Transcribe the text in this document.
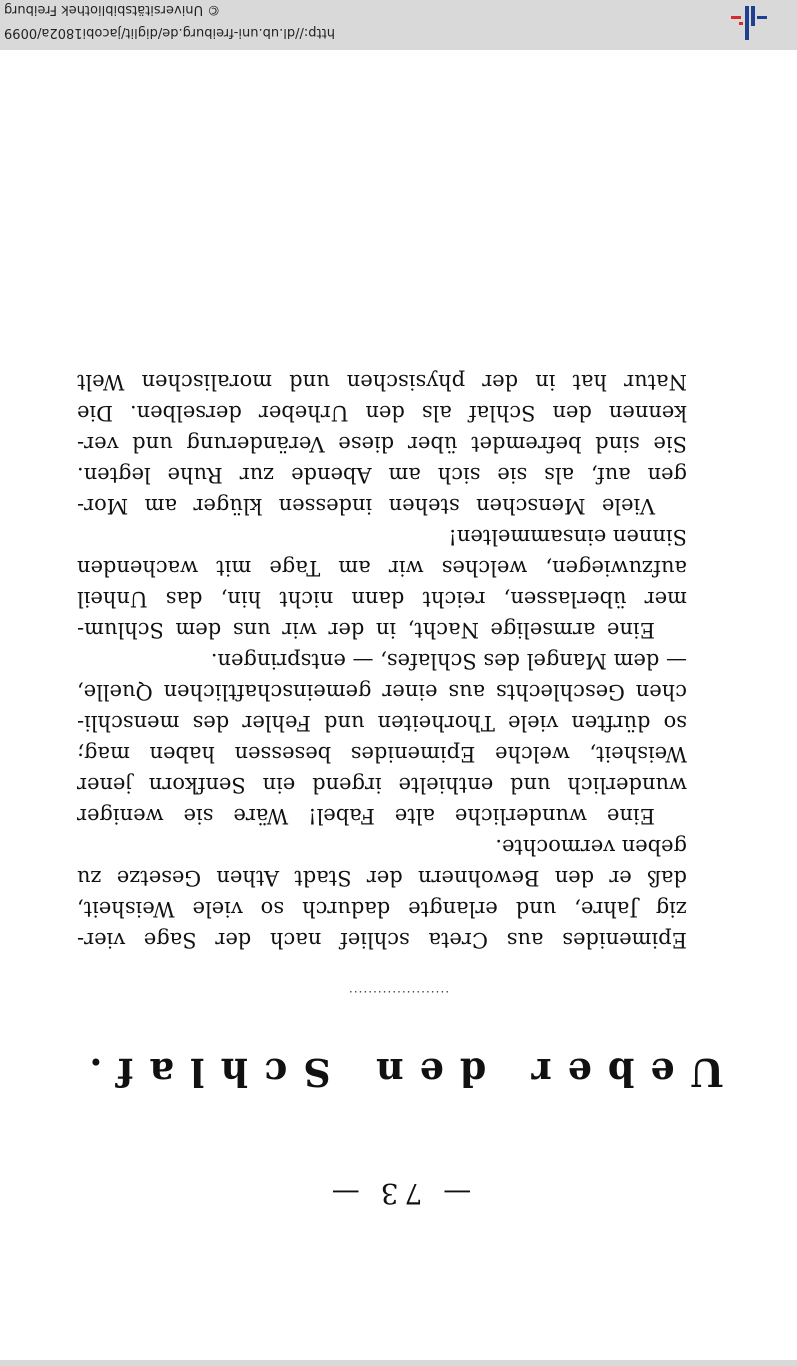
© Universitätsbibliothek Freiburg
http://dl.ub.uni-freiburg.de/diglit/jacobi1802a/0099
— 73 —
Ueber den Schlaf.
.....................
Epimenides aus Creta schlief nach der Sage vier-
zig Jahre, und erlangte dadurch so viele Weisheit,
daß er den Bewohnern der Stadt Athen Gesetze zu
geben vermochte.
Eine wunderliche alte Fabel! Wäre sie weniger
wunderlich und enthielte irgend ein Senfkorn jener
Weisheit, welche Epimenides besessen haben mag;
so dürften viele Thorheiten und Fehler des menschli-
chen Geschlechts aus einer gemeinschaftlichen Quelle,
— dem Mangel des Schlafes, — entspringen.
Eine armselige Nacht, in der wir uns dem Schlum-
mer überlassen, reicht dann nicht hin, das Unheil
aufzuwiegen, welches wir am Tage mit wachenden
Sinnen einsammelten!
Viele Menschen stehen indessen klüger am Mor-
gen auf, als sie sich am Abende zur Ruhe legten.
Sie sind befremdet über diese Veränderung und ver-
kennen den Schlaf als den Urheber derselben. Die
Natur hat in der physischen und moralischen Welt
